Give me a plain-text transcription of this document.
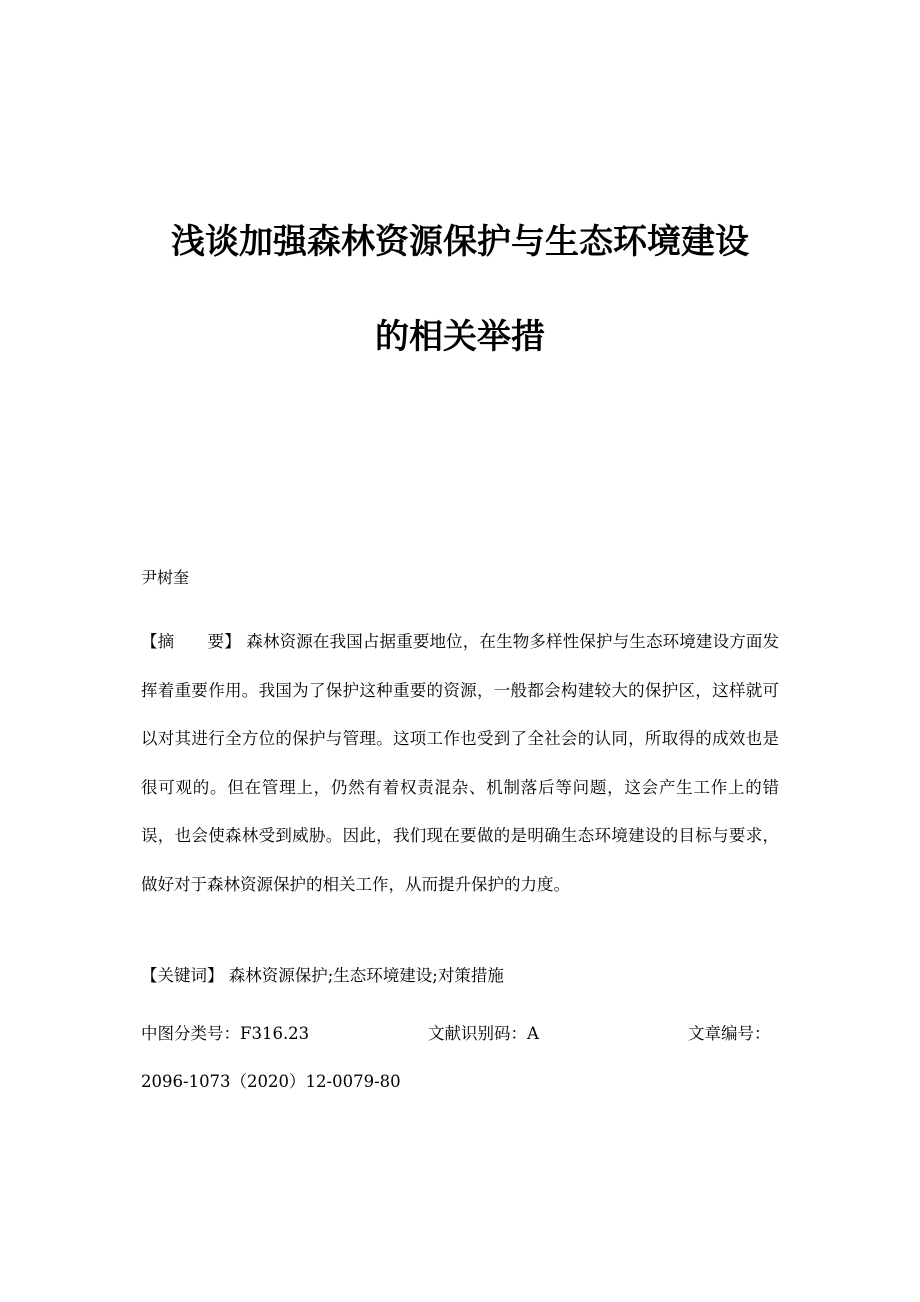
浅谈加强森林资源保护与生态环境建设
的相关举措
尹树奎

【摘　　要】 森林资源在我国占据重要地位，在生物多样性保护与生态环境建设方面发挥着重要作用。我国为了保护这种重要的资源，一般都会构建较大的保护区，这样就可以对其进行全方位的保护与管理。这项工作也受到了全社会的认同，所取得的成效也是很可观的。但在管理上，仍然有着权责混杂、机制落后等问题，这会产生工作上的错误，也会使森林受到威胁。因此，我们现在要做的是明确生态环境建设的目标与要求，做好对于森林资源保护的相关工作，从而提升保护的力度。

【关键词】 森林资源保护;生态环境建设;对策措施
中图分类号：F316.23	文献识别码：A	文章编号：
2096-1073（2020）12-0079-80
